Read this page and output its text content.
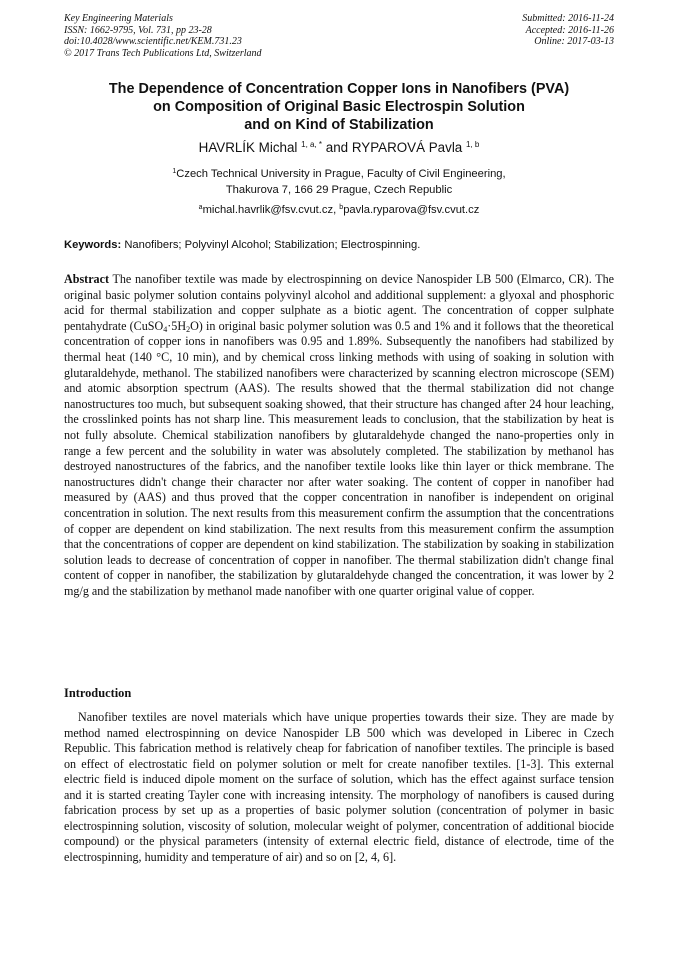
Key Engineering Materials
ISSN: 1662-9795, Vol. 731, pp 23-28
doi:10.4028/www.scientific.net/KEM.731.23
© 2017 Trans Tech Publications Ltd, Switzerland
Submitted: 2016-11-24
Accepted: 2016-11-26
Online: 2017-03-13
The Dependence of Concentration Copper Ions in Nanofibers (PVA)
on Composition of Original Basic Electrospin Solution
and on Kind of Stabilization
HAVRLÍK Michal $^{1, a, *}$ and RYPAROVÁ Pavla $^{1, b}$
$^1$Czech Technical University in Prague, Faculty of Civil Engineering,
Thakurova 7, 166 29 Prague, Czech Republic
$^a$michal.havrlik@fsv.cvut.cz, $^b$pavla.ryparova@fsv.cvut.cz
Keywords: Nanofibers; Polyvinyl Alcohol; Stabilization; Electrospinning.

Abstract The nanofiber textile was made by electrospinning on device Nanospider LB 500 (Elmarco, CR). The original basic polymer solution contains polyvinyl alcohol and additional supplement: a glyoxal and phosphoric acid for thermal stabilization and copper sulphate as a biotic agent. The concentration of copper sulphate pentahydrate $(CuSO_4\cdot 5H_2O)$ in original basic polymer solution was 0.5 and 1% and it follows that the theoretical concentration of copper ions in nanofibers was 0.95 and 1.89%. Subsequently the nanofibers had stabilized by thermal heat (140 °C, 10 min), and by chemical cross linking methods with using of soaking in solution with glutaraldehyde, methanol. The stabilized nanofibers were characterized by scanning electron microscope (SEM) and atomic absorption spectrum (AAS). The results showed that the thermal stabilization did not change nanostructures too much, but subsequent soaking showed, that their structure has changed after 24 hour leaching, the crosslinked points has not sharp line. This measurement leads to conclusion, that the stabilization by heat is not fully absolute. Chemical stabilization nanofibers by glutaraldehyde changed the nano-properties only in range a few percent and the solubility in water was absolutely completed. The stabilization by methanol has destroyed nanostructures of the fabrics, and the nanofiber textile looks like thin layer or thick membrane. The nanostructures didn't change their character nor after water soaking. The content of copper in nanofiber had measured by (AAS) and thus proved that the copper concentration in nanofiber is independent on original concentration in solution. The next results from this measurement confirm the assumption that the concentrations of copper are dependent on kind stabilization. The next results from this measurement confirm the assumption that the concentrations of copper are dependent on kind stabilization. The stabilization by soaking in stabilization solution leads to decrease of concentration of copper in nanofiber. The thermal stabilization didn't change final content of copper in nanofiber, the stabilization by glutaraldehyde changed the concentration, it was lower by 2 mg/g and the stabilization by methanol made nanofiber with one quarter original value of copper.

Introduction

Nanofiber textiles are novel materials which have unique properties towards their size. They are made by method named electrospinning on device Nanospider LB 500 which was developed in Liberec in Czech Republic. This fabrication method is relatively cheap for fabrication of nanofiber textiles. The principle is based on effect of electrostatic field on polymer solution or melt for create nanofiber textiles. [1-3]. This external electric field is induced dipole moment on the surface of solution, which has the effect against surface tension and it is started creating Tayler cone with increasing intensity. The morphology of nanofibers is caused during fabrication process by set up as a properties of basic polymer solution (concentration of polymer in basic electrospinning solution, viscosity of solution, molecular weight of polymer, concentration of additional biocide compound) or the physical parameters (intensity of external electric field, distance of electrode, time of the electrospinning, humidity and temperature of air) and so on [2, 4, 6].
